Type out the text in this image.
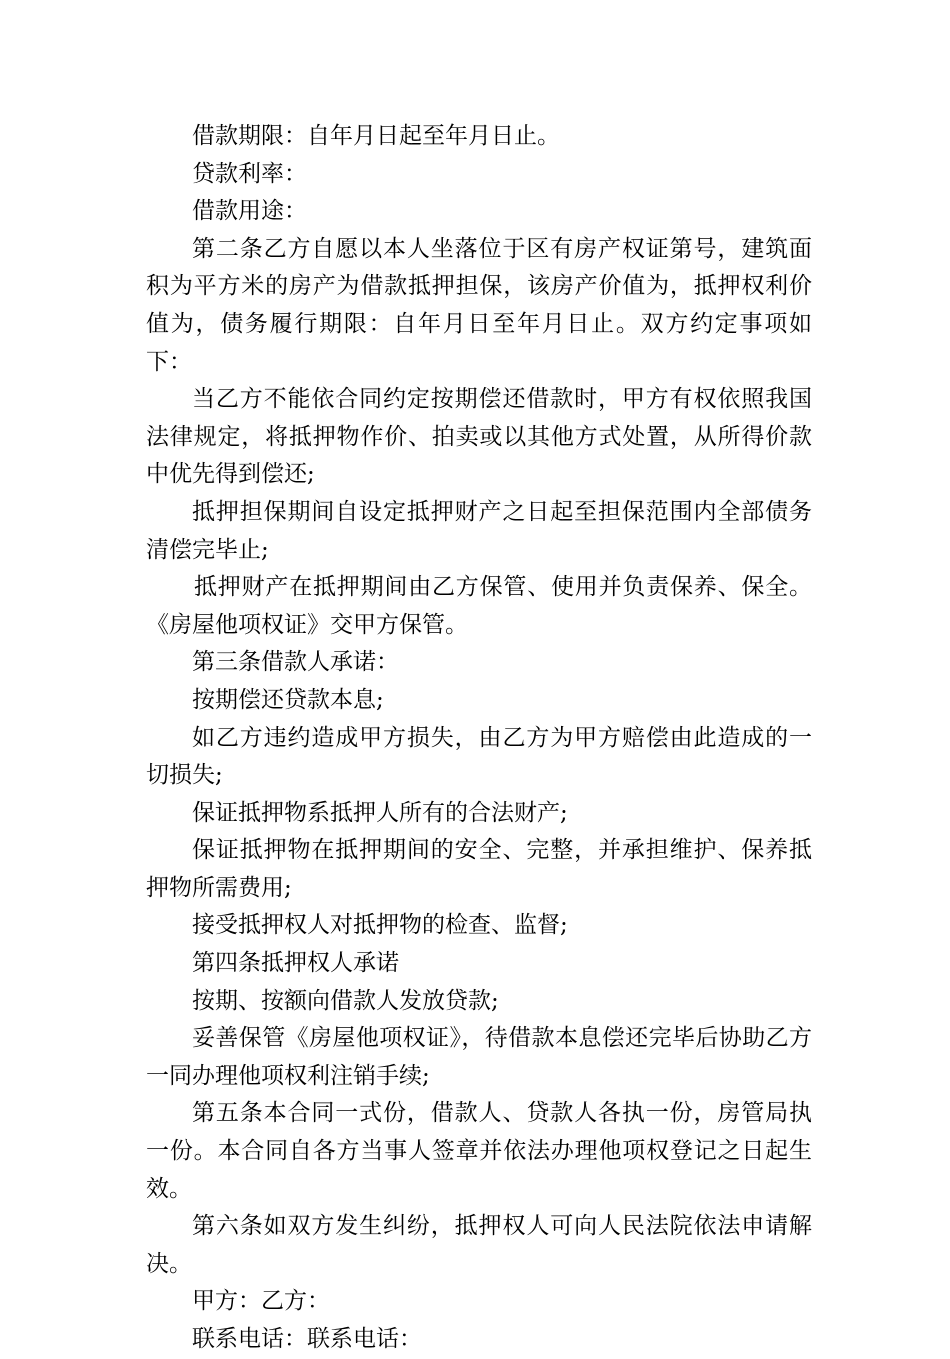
借款期限：自年月日起至年月日止。

贷款利率：

借款用途：

第二条乙方自愿以本人坐落位于区有房产权证第号，建筑面积为平方米的房产为借款抵押担保，该房产价值为，抵押权利价值为，债务履行期限：自年月日至年月日止。双方约定事项如下：

当乙方不能依合同约定按期偿还借款时，甲方有权依照我国法律规定，将抵押物作价、拍卖或以其他方式处置，从所得价款中优先得到偿还;

抵押担保期间自设定抵押财产之日起至担保范围内全部债务清偿完毕止;

抵押财产在抵押期间由乙方保管、使用并负责保养、保全。《房屋他项权证》交甲方保管。

第三条借款人承诺：

按期偿还贷款本息;

如乙方违约造成甲方损失，由乙方为甲方赔偿由此造成的一切损失;

保证抵押物系抵押人所有的合法财产;

保证抵押物在抵押期间的安全、完整，并承担维护、保养抵押物所需费用;

接受抵押权人对抵押物的检查、监督;

第四条抵押权人承诺

按期、按额向借款人发放贷款;

妥善保管《房屋他项权证》，待借款本息偿还完毕后协助乙方一同办理他项权利注销手续;

第五条本合同一式份，借款人、贷款人各执一份，房管局执一份。本合同自各方当事人签章并依法办理他项权登记之日起生效。

第六条如双方发生纠纷，抵押权人可向人民法院依法申请解决。

甲方：乙方：

联系电话：联系电话：
